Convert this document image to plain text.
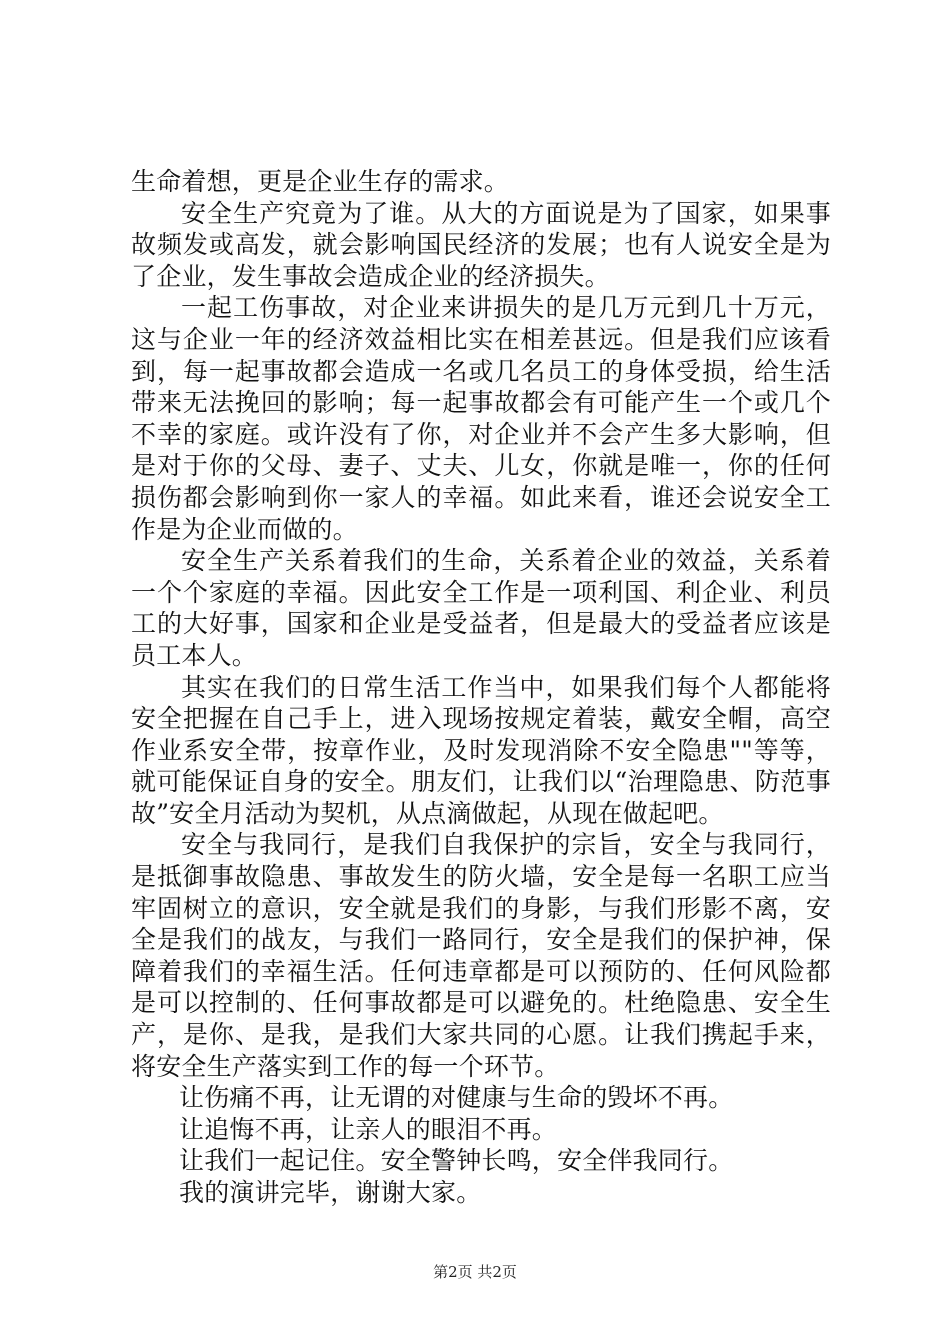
生命着想，更是企业生存的需求。

安全生产究竟为了谁。从大的方面说是为了国家，如果事故频发或高发，就会影响国民经济的发展；也有人说安全是为了企业，发生事故会造成企业的经济损失。

一起工伤事故，对企业来讲损失的是几万元到几十万元，这与企业一年的经济效益相比实在相差甚远。但是我们应该看到，每一起事故都会造成一名或几名员工的身体受损，给生活带来无法挽回的影响；每一起事故都会有可能产生一个或几个不幸的家庭。或许没有了你，对企业并不会产生多大影响，但是对于你的父母、妻子、丈夫、儿女，你就是唯一，你的任何损伤都会影响到你一家人的幸福。如此来看，谁还会说安全工作是为企业而做的。

安全生产关系着我们的生命，关系着企业的效益，关系着一个个家庭的幸福。因此安全工作是一项利国、利企业、利员工的大好事，国家和企业是受益者，但是最大的受益者应该是员工本人。

其实在我们的日常生活工作当中，如果我们每个人都能将安全把握在自己手上，进入现场按规定着装，戴安全帽，高空作业系安全带，按章作业，及时发现消除不安全隐患""等等，就可能保证自身的安全。朋友们，让我们以“治理隐患、防范事故”安全月活动为契机，从点滴做起，从现在做起吧。

安全与我同行，是我们自我保护的宗旨，安全与我同行，是抵御事故隐患、事故发生的防火墙，安全是每一名职工应当牢固树立的意识，安全就是我们的身影，与我们形影不离，安全是我们的战友，与我们一路同行，安全是我们的保护神，保障着我们的幸福生活。任何违章都是可以预防的、任何风险都是可以控制的、任何事故都是可以避免的。杜绝隐患、安全生产，是你、是我，是我们大家共同的心愿。让我们携起手来，将安全生产落实到工作的每一个环节。

让伤痛不再，让无谓的对健康与生命的毁坏不再。

让追悔不再，让亲人的眼泪不再。

让我们一起记住。安全警钟长鸣，安全伴我同行。

我的演讲完毕，谢谢大家。

第2页 共2页
